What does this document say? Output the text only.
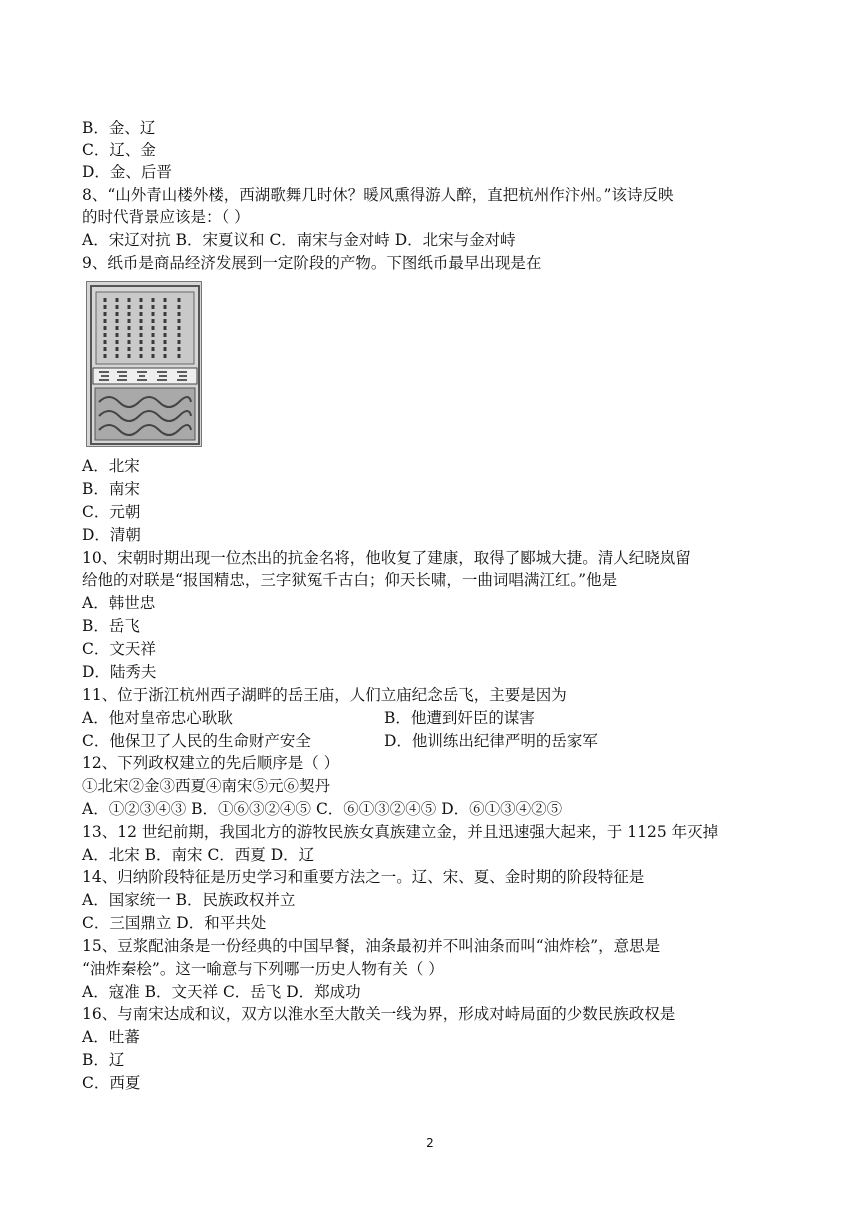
B．金、辽
C．辽、金
D．金、后晋
8、“山外青山楼外楼，西湖歌舞几时休？暖风熏得游人醉，直把杭州作汴州。”该诗反映
的时代背景应该是：（ ）
A．宋辽对抗 B．宋夏议和 C．南宋与金对峙 D．北宋与金对峙
9、纸币是商品经济发展到一定阶段的产物。下图纸币最早出现是在
A．北宋
B．南宋
C．元朝
D．清朝
10、宋朝时期出现一位杰出的抗金名将，他收复了建康，取得了郾城大捷。清人纪晓岚留
给他的对联是“报国精忠，三字狱冤千古白；仰天长啸，一曲词唱满江红。”他是
A．韩世忠
B．岳飞
C．文天祥
D．陆秀夫
11、位于浙江杭州西子湖畔的岳王庙，人们立庙纪念岳飞，主要是因为
A．他对皇帝忠心耿耿	B．他遭到奸臣的谋害
C．他保卫了人民的生命财产安全	D．他训练出纪律严明的岳家军
12、下列政权建立的先后顺序是（ ）
①北宋②金③西夏④南宋⑤元⑥契丹
A．①②③④③ B．①⑥③②④⑤ C．⑥①③②④⑤ D．⑥①③④②⑤
13、12 世纪前期，我国北方的游牧民族女真族建立金，并且迅速强大起来，于 1125 年灭掉
A．北宋 B．南宋 C．西夏 D．辽
14、归纳阶段特征是历史学习和重要方法之一。辽、宋、夏、金时期的阶段特征是
A．国家统一 B．民族政权并立
C．三国鼎立 D．和平共处
15、豆浆配油条是一份经典的中国早餐，油条最初并不叫油条而叫“油炸桧”，意思是
“油炸秦桧”。这一喻意与下列哪一历史人物有关（ ）
A．寇准 B．文天祥 C．岳飞 D．郑成功
16、与南宋达成和议，双方以淮水至大散关一线为界，形成对峙局面的少数民族政权是
A．吐蕃
B．辽
C．西夏
2
